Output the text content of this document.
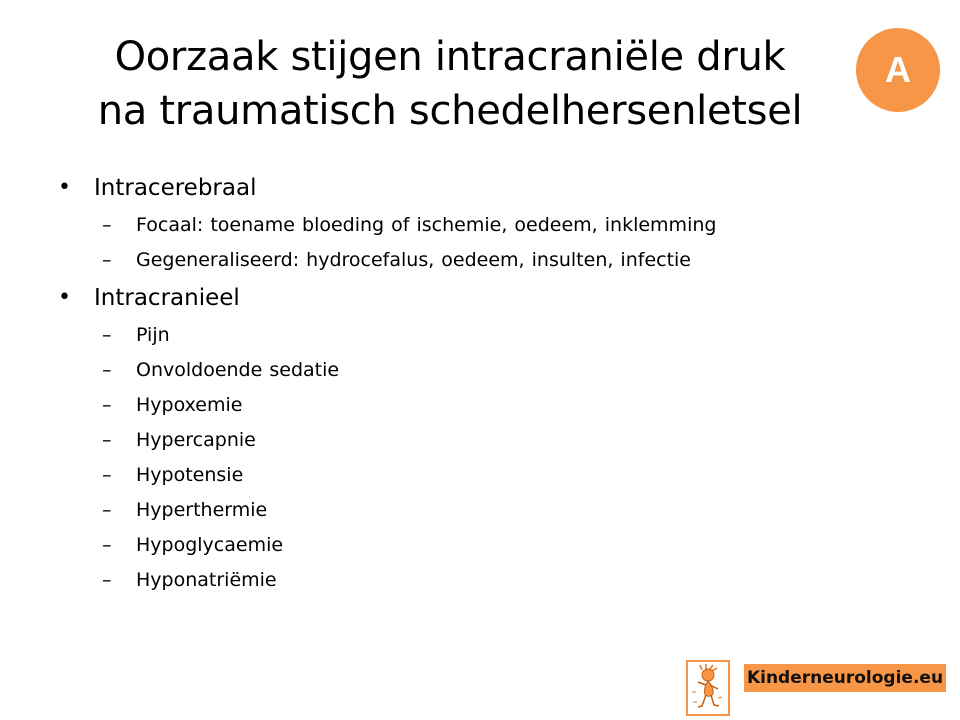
Oorzaak stijgen intracraniële druk
na traumatisch schedelhersenletsel
A
•	Intracerebraal
– Focaal: toename bloeding of ischemie, oedeem, inklemming
– Gegeneraliseerd: hydrocefalus, oedeem, insulten, infectie
•	Intracranieel
– Pijn
– Onvoldoende sedatie
– Hypoxemie
– Hypercapnie
– Hypotensie
– Hyperthermie
– Hypoglycaemie
– Hyponatriëmie
Kinderneurologie.eu
